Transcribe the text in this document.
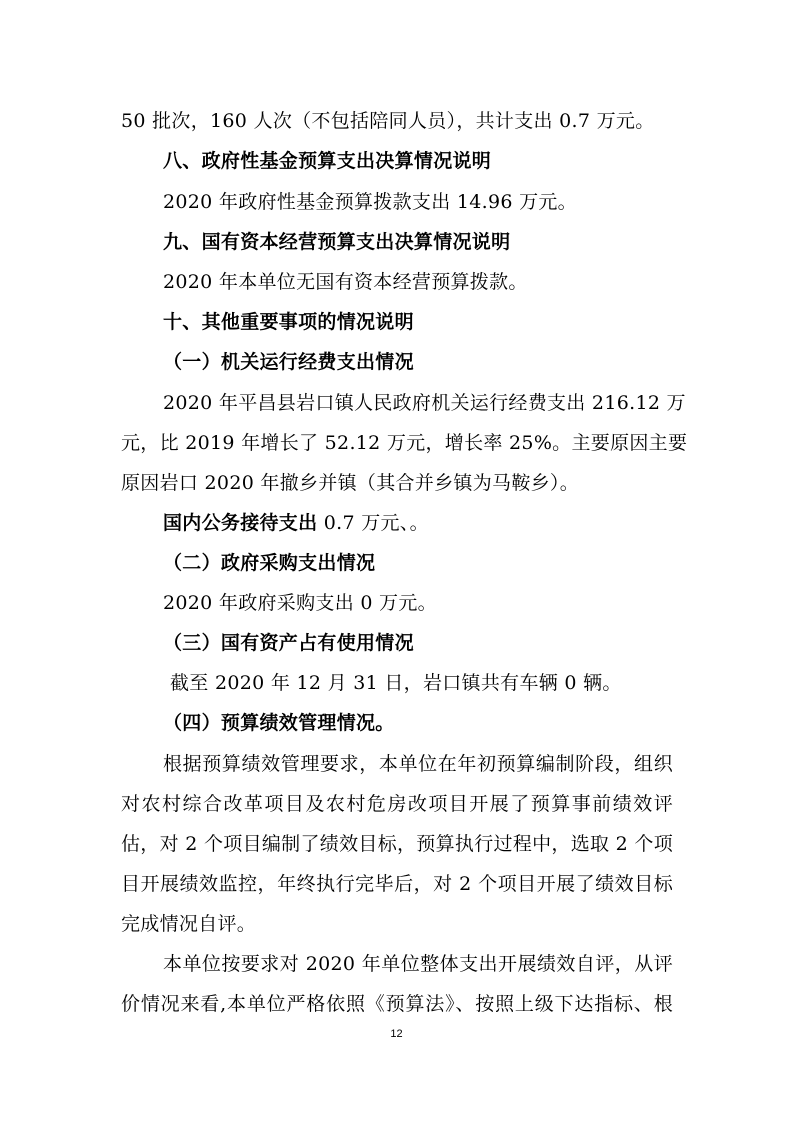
50 批次，160 人次（不包括陪同人员），共计支出 0.7 万元。
八、政府性基金预算支出决算情况说明
2020 年政府性基金预算拨款支出 14.96 万元。
九、国有资本经营预算支出决算情况说明
2020 年本单位无国有资本经营预算拨款。
十、其他重要事项的情况说明
（一）机关运行经费支出情况
2020 年平昌县岩口镇人民政府机关运行经费支出 216.12 万
元，比 2019 年增长了 52.12 万元，增长率 25%。主要原因主要
原因岩口 2020 年撤乡并镇（其合并乡镇为马鞍乡）。
国内公务接待支出 0.7 万元、。
（二）政府采购支出情况
2020 年政府采购支出 0 万元。
（三）国有资产占有使用情况
截至 2020 年 12 月 31 日，岩口镇共有车辆 0 辆。
（四）预算绩效管理情况。
根据预算绩效管理要求，本单位在年初预算编制阶段，组织
对农村综合改革项目及农村危房改项目开展了预算事前绩效评
估，对 2 个项目编制了绩效目标，预算执行过程中，选取 2 个项
目开展绩效监控，年终执行完毕后，对 2 个项目开展了绩效目标
完成情况自评。
本单位按要求对 2020 年单位整体支出开展绩效自评，从评
价情况来看,本单位严格依照《预算法》、按照上级下达指标、根
12
